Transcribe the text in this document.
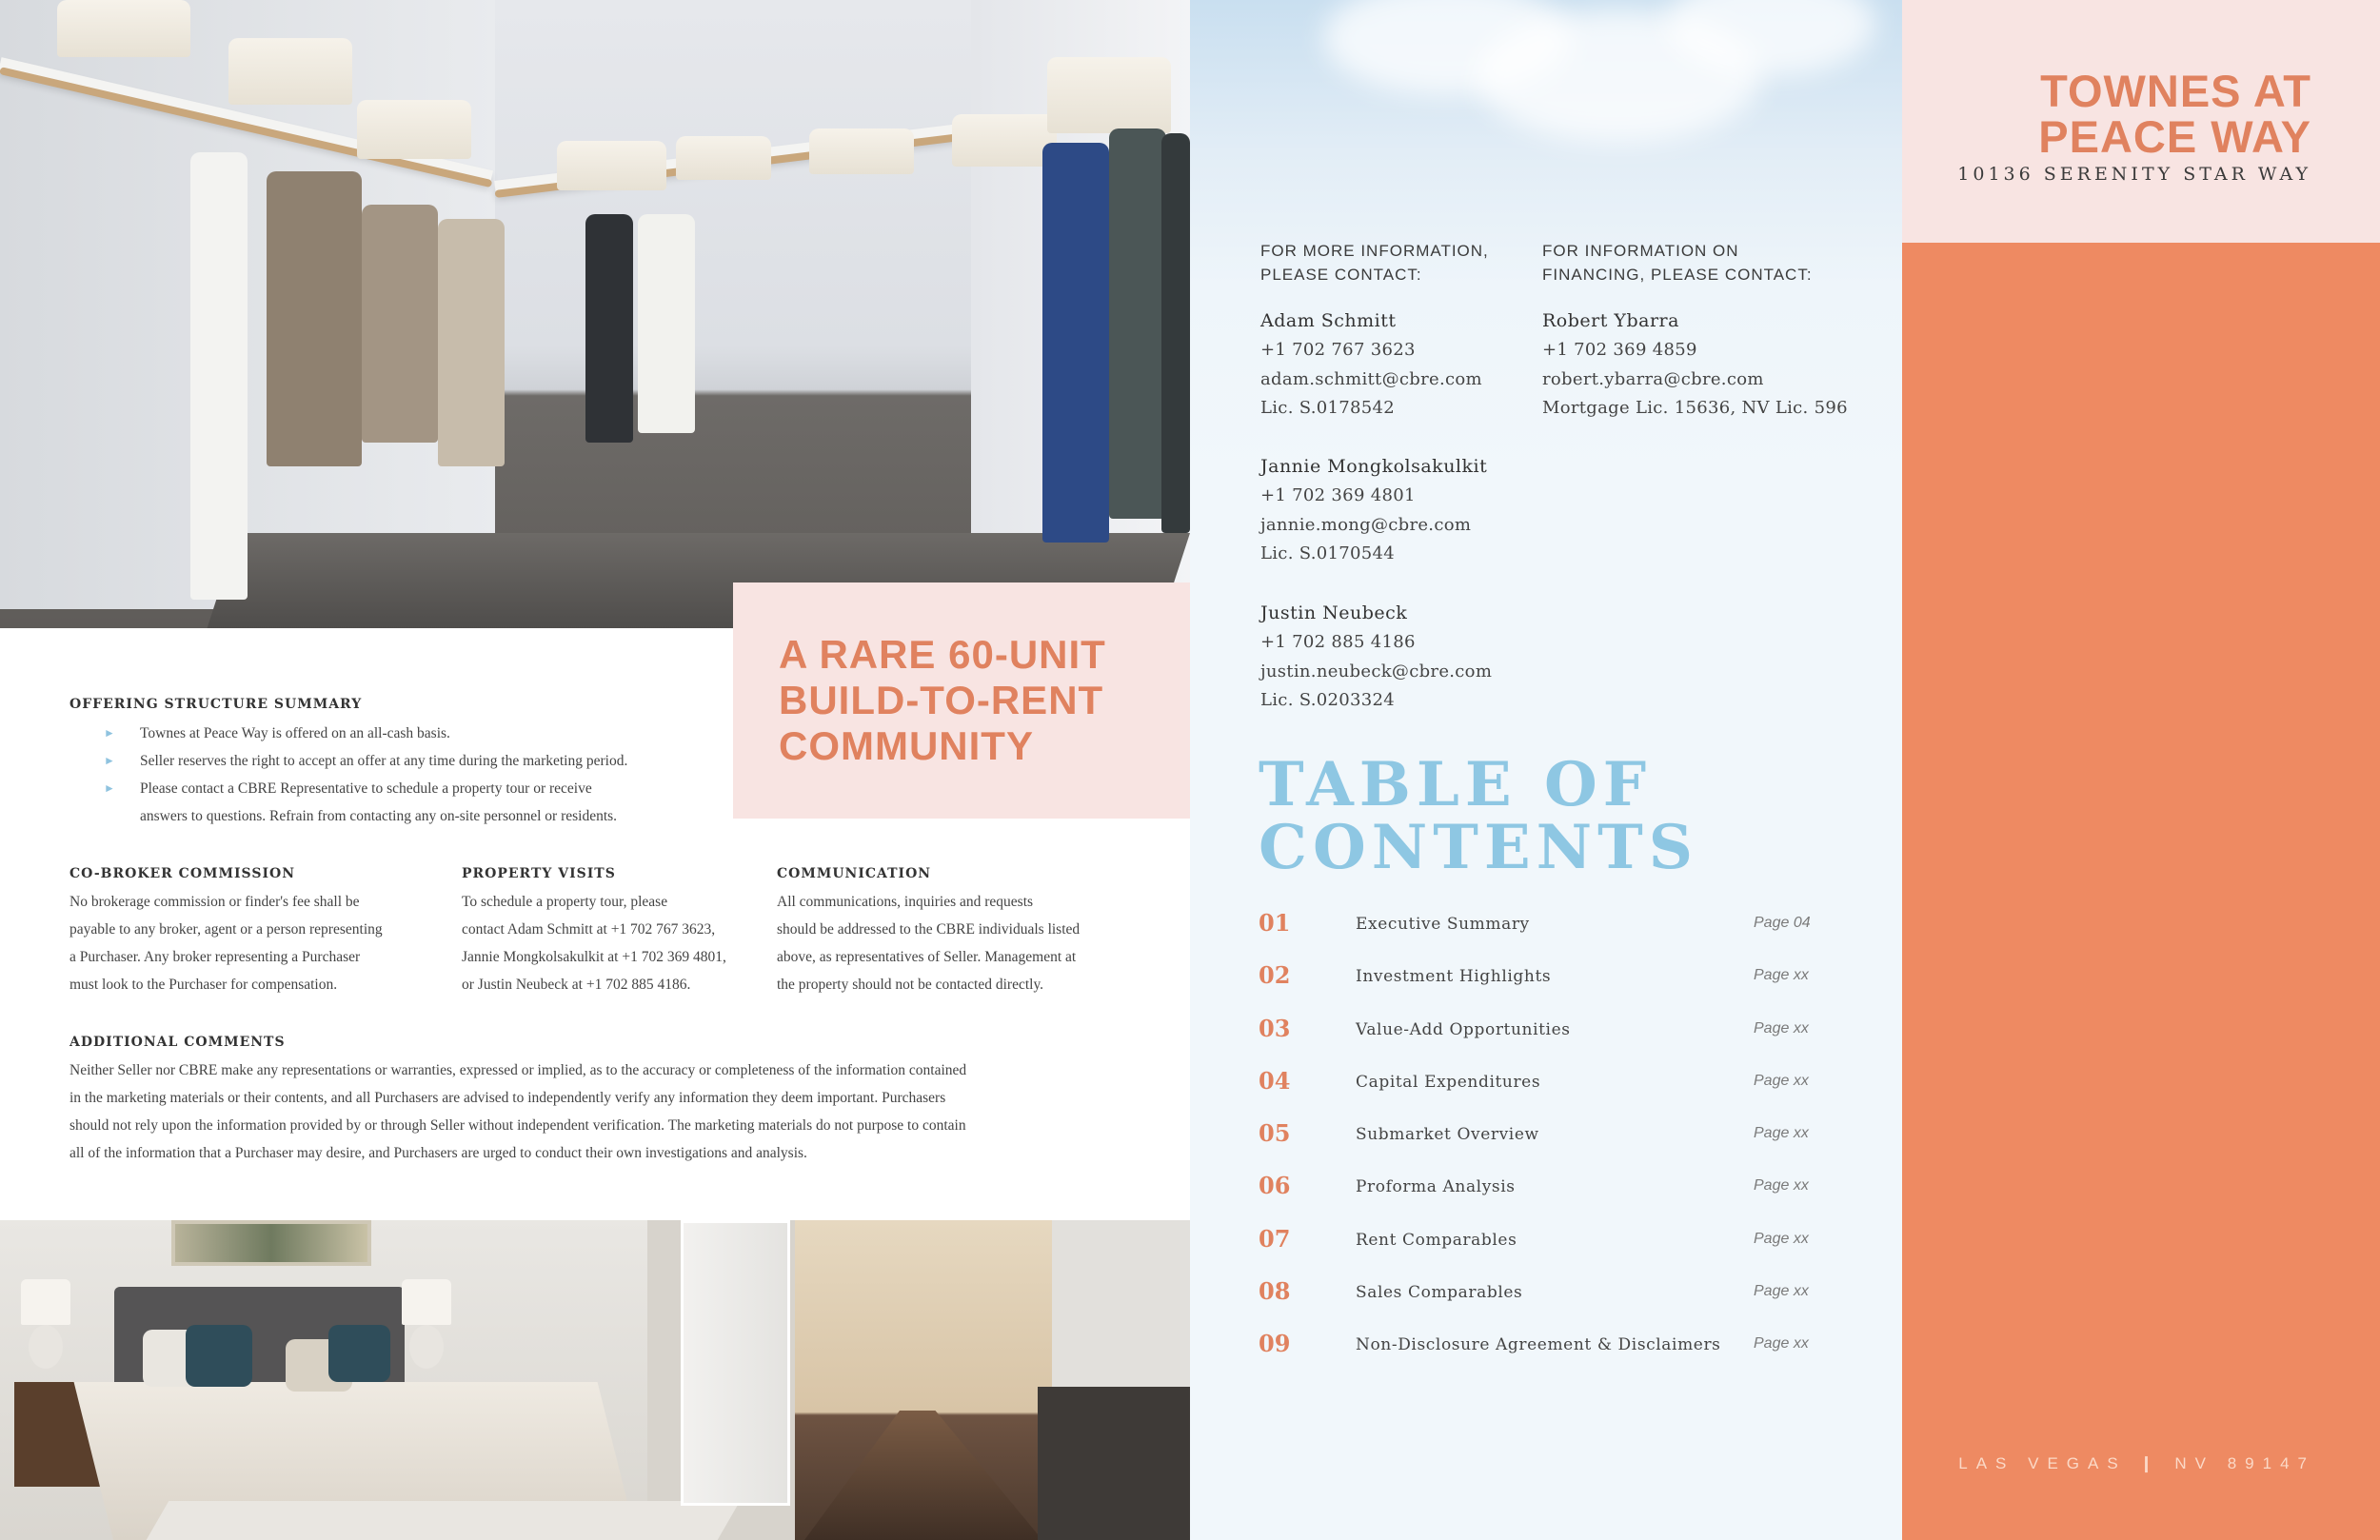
A RARE 60-UNIT
BUILD-TO-RENT
COMMUNITY
OFFERING STRUCTURE SUMMARY
► Townes at Peace Way is offered on an all-cash basis.
► Seller reserves the right to accept an offer at any time during the marketing period.
► Please contact a CBRE Representative to schedule a property tour or receive
answers to questions. Refrain from contacting any on-site personnel or residents.
CO-BROKER COMMISSION
No brokerage commission or finder's fee shall be
payable to any broker, agent or a person representing
a Purchaser. Any broker representing a Purchaser
must look to the Purchaser for compensation.
PROPERTY VISITS
To schedule a property tour, please
contact Adam Schmitt at +1 702 767 3623,
Jannie Mongkolsakulkit at +1 702 369 4801,
or Justin Neubeck at +1 702 885 4186.
COMMUNICATION
All communications, inquiries and requests
should be addressed to the CBRE individuals listed
above, as representatives of Seller. Management at
the property should not be contacted directly.
ADDITIONAL COMMENTS
Neither Seller nor CBRE make any representations or warranties, expressed or implied, as to the accuracy or completeness of the information contained
in the marketing materials or their contents, and all Purchasers are advised to independently verify any information they deem important. Purchasers
should not rely upon the information provided by or through Seller without independent verification. The marketing materials do not purpose to contain
all of the information that a Purchaser may desire, and Purchasers are urged to conduct their own investigations and analysis.
FOR MORE INFORMATION,
PLEASE CONTACT:
FOR INFORMATION ON
FINANCING, PLEASE CONTACT:
Adam Schmitt
+1 702 767 3623
adam.schmitt@cbre.com
Lic. S.0178542
Jannie Mongkolsakulkit
+1 702 369 4801
jannie.mong@cbre.com
Lic. S.0170544
Justin Neubeck
+1 702 885 4186
justin.neubeck@cbre.com
Lic. S.0203324
Robert Ybarra
+1 702 369 4859
robert.ybarra@cbre.com
Mortgage Lic. 15636, NV Lic. 596
TABLE OF
CONTENTS
01	Executive Summary	Page 04
02	Investment Highlights	Page xx
03	Value-Add Opportunities	Page xx
04	Capital Expenditures	Page xx
05	Submarket Overview	Page xx
06	Proforma Analysis	Page xx
07	Rent Comparables	Page xx
08	Sales Comparables	Page xx
09	Non-Disclosure Agreement & Disclaimers Page xx
TOWNES AT
PEACE WAY
10136 SERENITY STAR WAY
LAS VEGAS ❙ NV 89147
